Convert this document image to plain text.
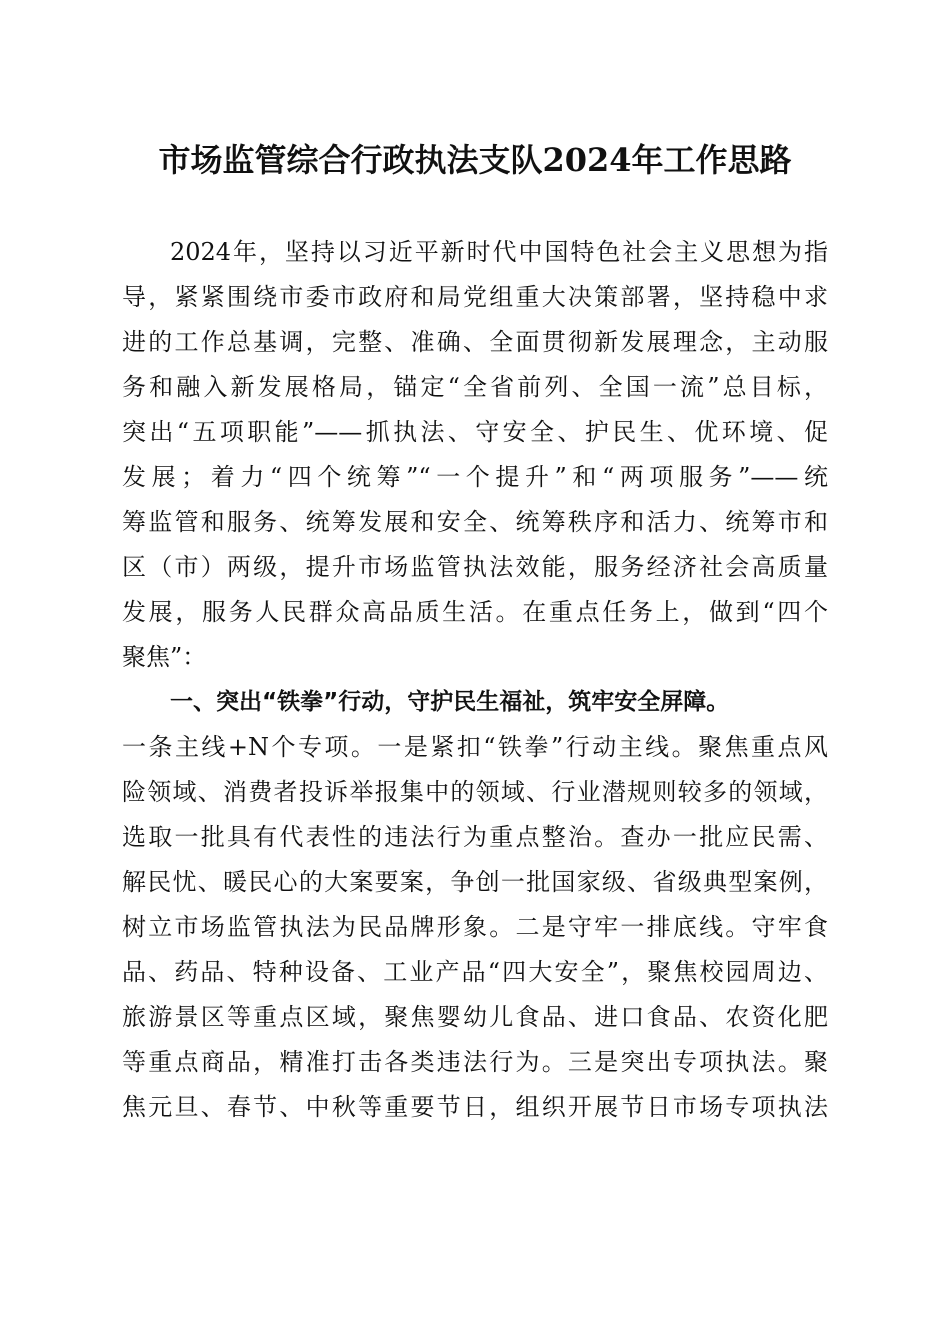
市场监管综合行政执法支队2024年工作思路
2024年，坚持以习近平新时代中国特色社会主义思想为指
导，紧紧围绕市委市政府和局党组重大决策部署，坚持稳中求
进的工作总基调，完整、准确、全面贯彻新发展理念，主动服
务和融入新发展格局，锚定“全省前列、全国一流”总目标，
突出“五项职能”——抓执法、守安全、护民生、优环境、促
发展；着力“四个统筹”“一个提升”和“两项服务”——统
筹监管和服务、统筹发展和安全、统筹秩序和活力、统筹市和
区（市）两级，提升市场监管执法效能，服务经济社会高质量
发展，服务人民群众高品质生活。在重点任务上，做到“四个
聚焦”：
一、突出“铁拳”行动，守护民生福祉，筑牢安全屏障。
一条主线+N个专项。一是紧扣“铁拳”行动主线。聚焦重点风
险领域、消费者投诉举报集中的领域、行业潜规则较多的领域，
选取一批具有代表性的违法行为重点整治。查办一批应民需、
解民忧、暖民心的大案要案，争创一批国家级、省级典型案例，
树立市场监管执法为民品牌形象。二是守牢一排底线。守牢食
品、药品、特种设备、工业产品“四大安全”，聚焦校园周边、
旅游景区等重点区域，聚焦婴幼儿食品、进口食品、农资化肥
等重点商品，精准打击各类违法行为。三是突出专项执法。聚
焦元旦、春节、中秋等重要节日，组织开展节日市场专项执法
